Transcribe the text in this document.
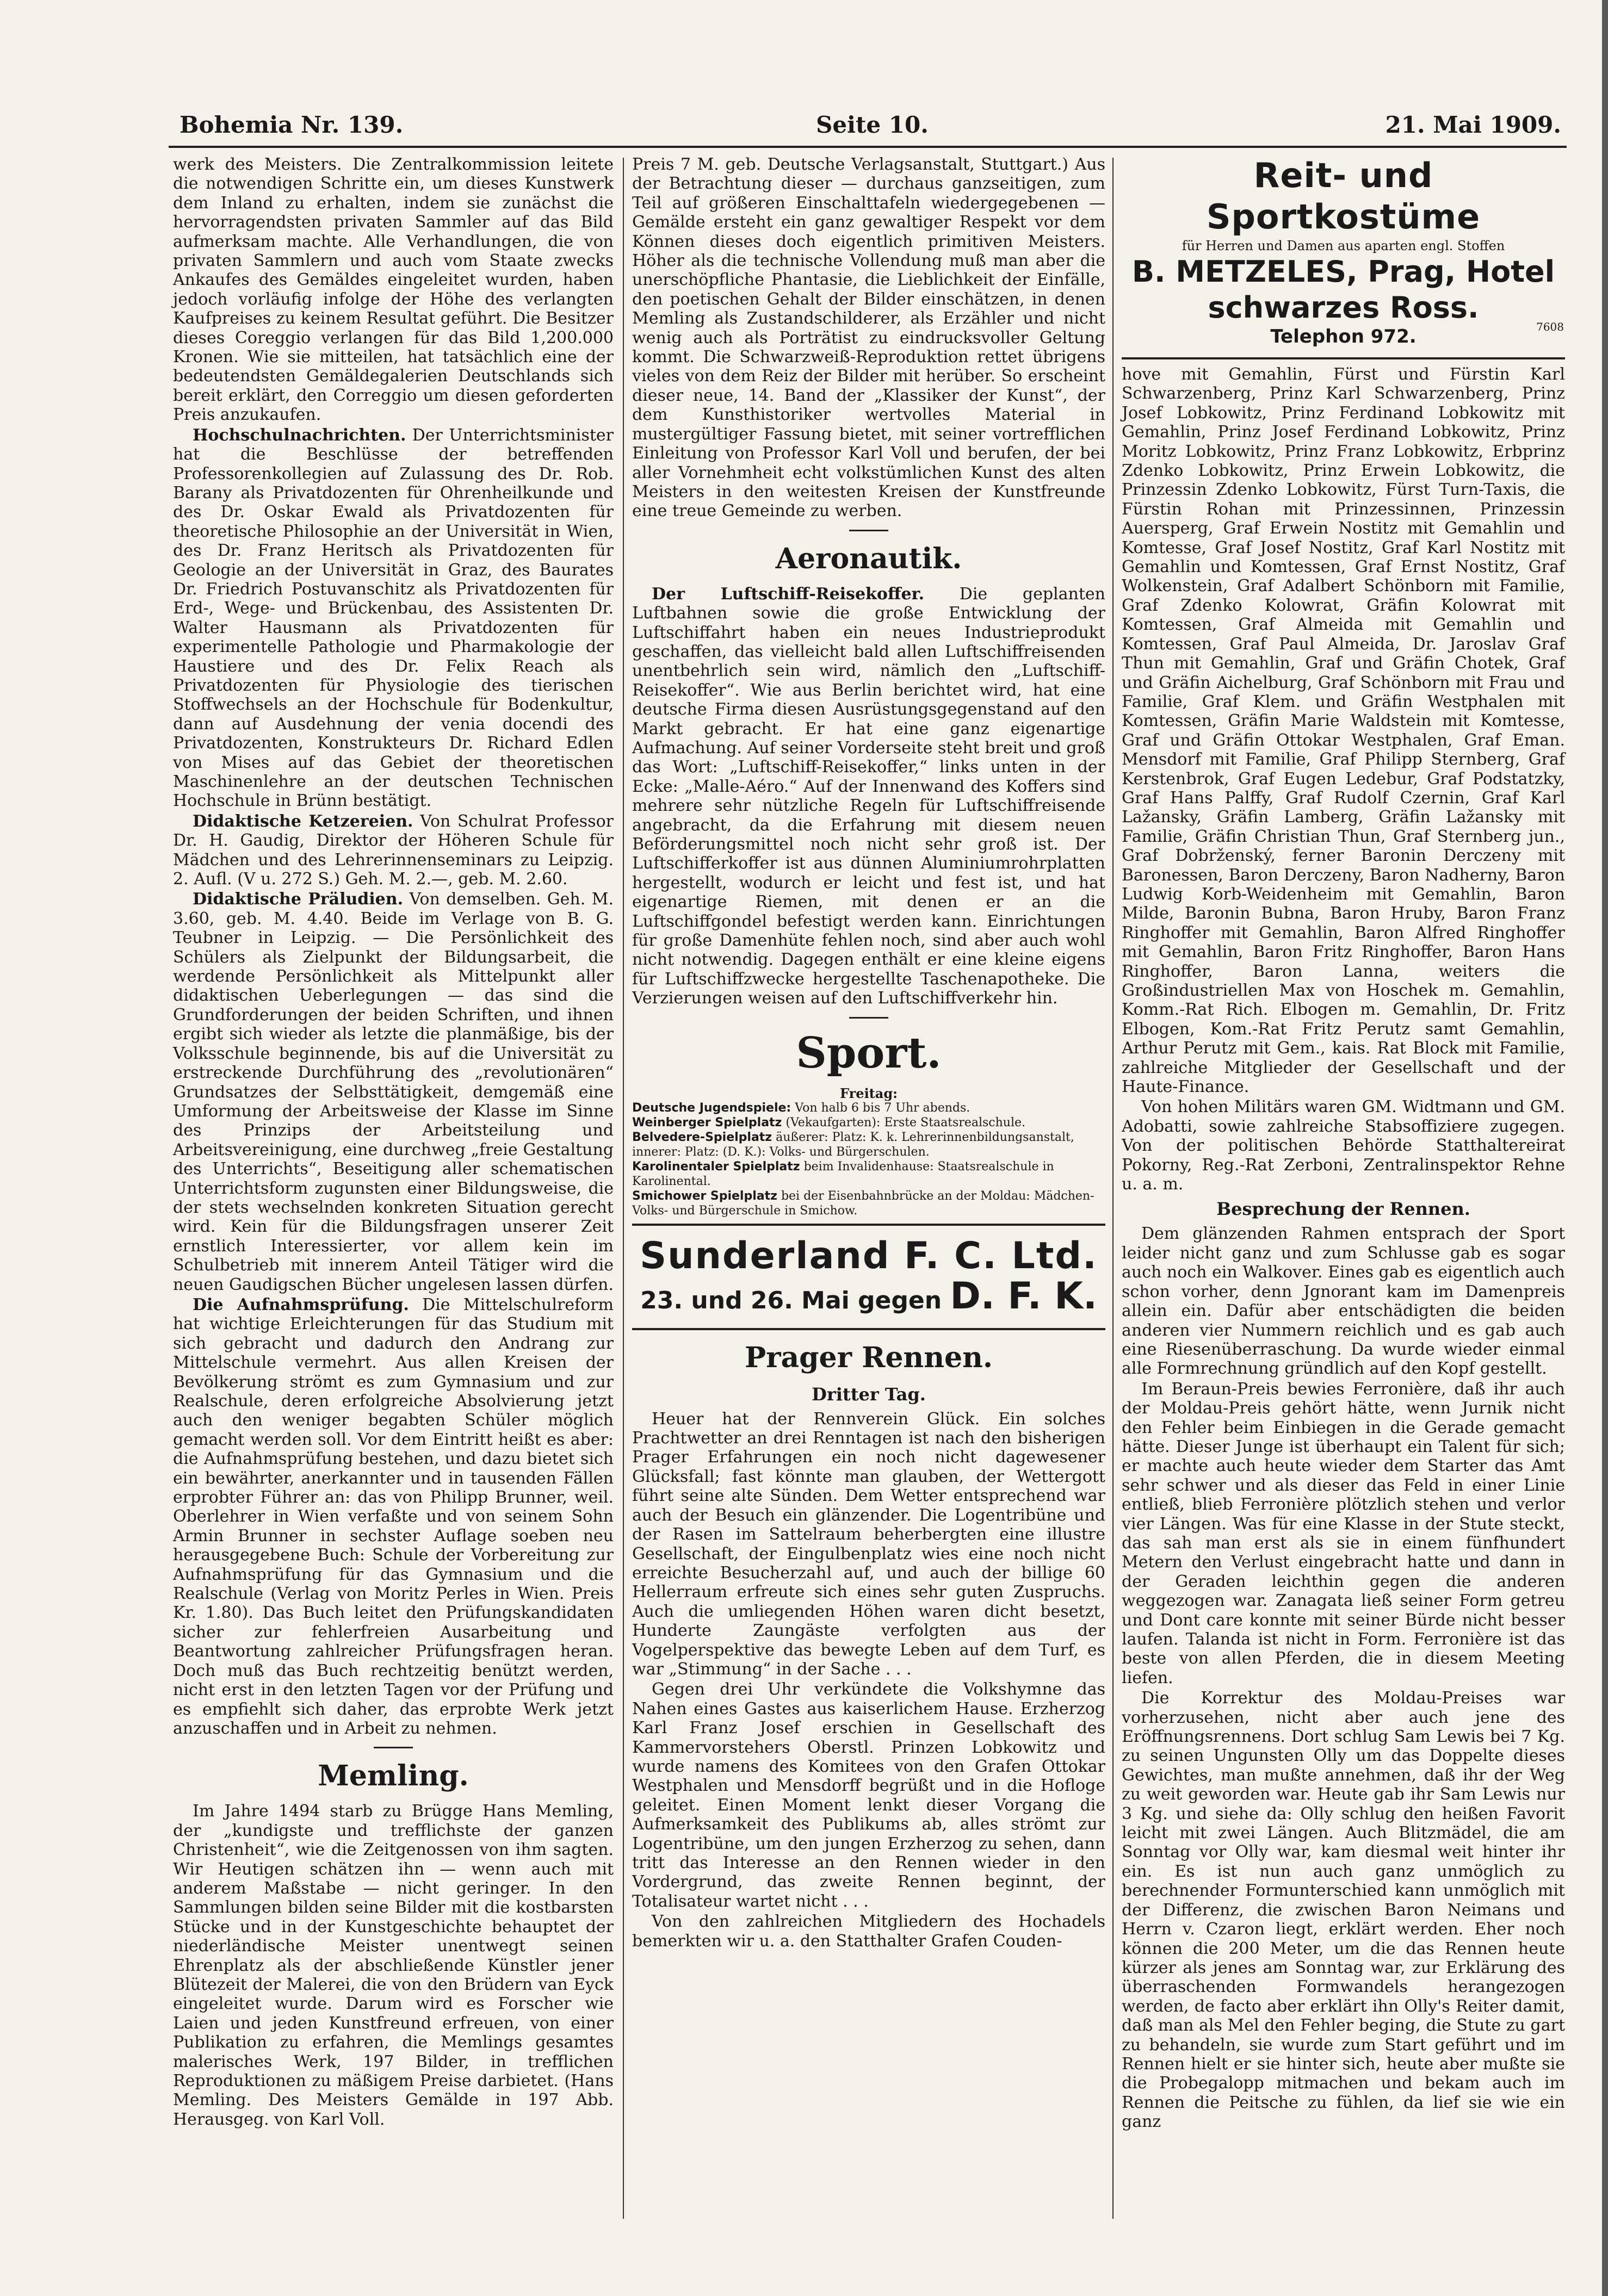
Bohemia Nr. 139.	Seite 10.	21. Mai 1909.

werk des Meisters. Die Zentralkommission leitete die notwendigen Schritte ein, um dieses Kunstwerk dem Inland zu erhalten, indem sie zunächst die hervorragendsten privaten Sammler auf das Bild aufmerksam machte. Alle Verhandlungen, die von privaten Sammlern und auch vom Staate zwecks Ankaufes des Gemäldes eingeleitet wurden, haben jedoch vorläufig infolge der Höhe des verlangten Kaufpreises zu keinem Resultat geführt. Die Besitzer dieses Coreggio verlangen für das Bild 1,200.000 Kronen. Wie sie mitteilen, hat tatsächlich eine der bedeutendsten Gemäldegalerien Deutschlands sich bereit erklärt, den Correggio um diesen geforderten Preis anzukaufen.

Hochschulnachrichten. Der Unterrichtsminister hat die Beschlüsse der betreffenden Professorenkollegien auf Zulassung des Dr. Rob. Barany als Privatdozenten für Ohrenheilkunde und des Dr. Oskar Ewald als Privatdozenten für theoretische Philosophie an der Universität in Wien, des Dr. Franz Heritsch als Privatdozenten für Geologie an der Universität in Graz, des Baurates Dr. Friedrich Postuvanschitz als Privatdozenten für Erd-, Wege- und Brückenbau, des Assistenten Dr. Walter Hausmann als Privatdozenten für experimentelle Pathologie und Pharmakologie der Haustiere und des Dr. Felix Reach als Privatdozenten für Physiologie des tierischen Stoffwechsels an der Hochschule für Bodenkultur, dann auf Ausdehnung der venia docendi des Privatdozenten, Konstrukteurs Dr. Richard Edlen von Mises auf das Gebiet der theoretischen Maschinenlehre an der deutschen Technischen Hochschule in Brünn bestätigt.

Didaktische Ketzereien. Von Schulrat Professor Dr. H. Gaudig, Direktor der Höheren Schule für Mädchen und des Lehrerinnenseminars zu Leipzig. 2. Aufl. (V u. 272 S.) Geh. M. 2.—, geb. M. 2.60.

Didaktische Präludien. Von demselben. Geh. M. 3.60, geb. M. 4.40. Beide im Verlage von B. G. Teubner in Leipzig. — Die Persönlichkeit des Schülers als Zielpunkt der Bildungsarbeit, die werdende Persönlichkeit als Mittelpunkt aller didaktischen Ueberlegungen — das sind die Grundforderungen der beiden Schriften, und ihnen ergibt sich wieder als letzte die planmäßige, bis der Volksschule beginnende, bis auf die Universität zu erstreckende Durchführung des „revolutionären“ Grundsatzes der Selbsttätigkeit, demgemäß eine Umformung der Arbeitsweise der Klasse im Sinne des Prinzips der Arbeitsteilung und Arbeitsvereinigung, eine durchweg „freie Gestaltung des Unterrichts“, Beseitigung aller schematischen Unterrichtsform zugunsten einer Bildungsweise, die der stets wechselnden konkreten Situation gerecht wird. Kein für die Bildungsfragen unserer Zeit ernstlich Interessierter, vor allem kein im Schulbetrieb mit innerem Anteil Tätiger wird die neuen Gaudigschen Bücher ungelesen lassen dürfen.

Die Aufnahmsprüfung. Die Mittelschulreform hat wichtige Erleichterungen für das Studium mit sich gebracht und dadurch den Andrang zur Mittelschule vermehrt. Aus allen Kreisen der Bevölkerung strömt es zum Gymnasium und zur Realschule, deren erfolgreiche Absolvierung jetzt auch den weniger begabten Schüler möglich gemacht werden soll. Vor dem Eintritt heißt es aber: die Aufnahmsprüfung bestehen, und dazu bietet sich ein bewährter, anerkannter und in tausenden Fällen erprobter Führer an: das von Philipp Brunner, weil. Oberlehrer in Wien verfaßte und von seinem Sohn Armin Brunner in sechster Auflage soeben neu herausgegebene Buch: Schule der Vorbereitung zur Aufnahmsprüfung für das Gymnasium und die Realschule (Verlag von Moritz Perles in Wien. Preis Kr. 1.80). Das Buch leitet den Prüfungskandidaten sicher zur fehlerfreien Ausarbeitung und Beantwortung zahlreicher Prüfungsfragen heran. Doch muß das Buch rechtzeitig benützt werden, nicht erst in den letzten Tagen vor der Prüfung und es empfiehlt sich daher, das erprobte Werk jetzt anzuschaffen und in Arbeit zu nehmen.

Memling.

Im Jahre 1494 starb zu Brügge Hans Memling, der „kundigste und trefflichste der ganzen Christenheit“, wie die Zeitgenossen von ihm sagten. Wir Heutigen schätzen ihn — wenn auch mit anderem Maßstabe — nicht geringer. In den Sammlungen bilden seine Bilder mit die kostbarsten Stücke und in der Kunstgeschichte behauptet der niederländische Meister unentwegt seinen Ehrenplatz als der abschließende Künstler jener Blütezeit der Malerei, die von den Brüdern van Eyck eingeleitet wurde. Darum wird es Forscher wie Laien und jeden Kunstfreund erfreuen, von einer Publikation zu erfahren, die Memlings gesamtes malerisches Werk, 197 Bilder, in trefflichen Reproduktionen zu mäßigem Preise darbietet. (Hans Memling. Des Meisters Gemälde in 197 Abb. Herausgeg. von Karl Voll.

Preis 7 M. geb. Deutsche Verlagsanstalt, Stuttgart.) Aus der Betrachtung dieser — durchaus ganzseitigen, zum Teil auf größeren Einschalttafeln wiedergegebenen — Gemälde ersteht ein ganz gewaltiger Respekt vor dem Können dieses doch eigentlich primitiven Meisters. Höher als die technische Vollendung muß man aber die unerschöpfliche Phantasie, die Lieblichkeit der Einfälle, den poetischen Gehalt der Bilder einschätzen, in denen Memling als Zustandschilderer, als Erzähler und nicht wenig auch als Porträtist zu eindrucksvoller Geltung kommt. Die Schwarzweiß-Reproduktion rettet übrigens vieles von dem Reiz der Bilder mit herüber. So erscheint dieser neue, 14. Band der „Klassiker der Kunst“, der dem Kunsthistoriker wertvolles Material in mustergültiger Fassung bietet, mit seiner vortrefflichen Einleitung von Professor Karl Voll und berufen, der bei aller Vornehmheit echt volkstümlichen Kunst des alten Meisters in den weitesten Kreisen der Kunstfreunde eine treue Gemeinde zu werben.

Aeronautik.

Der Luftschiff-Reisekoffer. Die geplanten Luftbahnen sowie die große Entwicklung der Luftschiffahrt haben ein neues Industrieprodukt geschaffen, das vielleicht bald allen Luftschiffreisenden unentbehrlich sein wird, nämlich den „Luftschiff-Reisekoffer“. Wie aus Berlin berichtet wird, hat eine deutsche Firma diesen Ausrüstungsgegenstand auf den Markt gebracht. Er hat eine ganz eigenartige Aufmachung. Auf seiner Vorderseite steht breit und groß das Wort: „Luftschiff-Reisekoffer,“ links unten in der Ecke: „Malle-Aéro.“ Auf der Innenwand des Koffers sind mehrere sehr nützliche Regeln für Luftschiffreisende angebracht, da die Erfahrung mit diesem neuen Beförderungsmittel noch nicht sehr groß ist. Der Luftschifferkoffer ist aus dünnen Aluminiumrohrplatten hergestellt, wodurch er leicht und fest ist, und hat eigenartige Riemen, mit denen er an die Luftschiffgondel befestigt werden kann. Einrichtungen für große Damenhüte fehlen noch, sind aber auch wohl nicht notwendig. Dagegen enthält er eine kleine eigens für Luftschiffzwecke hergestellte Taschenapotheke. Die Verzierungen weisen auf den Luftschiffverkehr hin.

Sport.
Freitag:
Deutsche Jugendspiele: Von halb 6 bis 7 Uhr abends.
Weinberger Spielplatz (Vekaufgarten): Erste Staatsrealschule.
Belvedere-Spielplatz äußerer: Platz: K. k. Lehrerinnenbildungsanstalt, innerer: Platz: (D. K.): Volks- und Bürgerschulen.
Karolinentaler Spielplatz beim Invalidenhause: Staatsrealschule in Karolinental.
Smichower Spielplatz bei der Eisenbahnbrücke an der Moldau: Mädchen-Volks- und Bürgerschule in Smichow.
Sunderland F. C. Ltd.
23. und 26. Mai gegen D. F. K.
Prager Rennen.
Dritter Tag.

Heuer hat der Rennverein Glück. Ein solches Prachtwetter an drei Renntagen ist nach den bisherigen Prager Erfahrungen ein noch nicht dagewesener Glücksfall; fast könnte man glauben, der Wettergott führt seine alte Sünden. Dem Wetter entsprechend war auch der Besuch ein glänzender. Die Logentribüne und der Rasen im Sattelraum beherbergten eine illustre Gesellschaft, der Eingulbenplatz wies eine noch nicht erreichte Besucherzahl auf, und auch der billige 60 Hellerraum erfreute sich eines sehr guten Zuspruchs. Auch die umliegenden Höhen waren dicht besetzt, Hunderte Zaungäste verfolgten aus der Vogelperspektive das bewegte Leben auf dem Turf, es war „Stimmung“ in der Sache . . .

Gegen drei Uhr verkündete die Volkshymne das Nahen eines Gastes aus kaiserlichem Hause. Erzherzog Karl Franz Josef erschien in Gesellschaft des Kammervorstehers Oberstl. Prinzen Lobkowitz und wurde namens des Komitees von den Grafen Ottokar Westphalen und Mensdorff begrüßt und in die Hofloge geleitet. Einen Moment lenkt dieser Vorgang die Aufmerksamkeit des Publikums ab, alles strömt zur Logentribüne, um den jungen Erzherzog zu sehen, dann tritt das Interesse an den Rennen wieder in den Vordergrund, das zweite Rennen beginnt, der Totalisateur wartet nicht . . .

Von den zahlreichen Mitgliedern des Hochadels bemerkten wir u. a. den Statthalter Grafen Couden-

Reit- und Sportkostüme
für Herren und Damen aus aparten engl. Stoffen
B. METZELES, Prag, Hotel schwarzes Ross.
Telephon 972.	7608

hove mit Gemahlin, Fürst und Fürstin Karl Schwarzenberg, Prinz Karl Schwarzenberg, Prinz Josef Lobkowitz, Prinz Ferdinand Lobkowitz mit Gemahlin, Prinz Josef Ferdinand Lobkowitz, Prinz Moritz Lobkowitz, Prinz Franz Lobkowitz, Erbprinz Zdenko Lobkowitz, Prinz Erwein Lobkowitz, die Prinzessin Zdenko Lobkowitz, Fürst Turn-Taxis, die Fürstin Rohan mit Prinzessinnen, Prinzessin Auersperg, Graf Erwein Nostitz mit Gemahlin und Komtesse, Graf Josef Nostitz, Graf Karl Nostitz mit Gemahlin und Komtessen, Graf Ernst Nostitz, Graf Wolkenstein, Graf Adalbert Schönborn mit Familie, Graf Zdenko Kolowrat, Gräfin Kolowrat mit Komtessen, Graf Almeida mit Gemahlin und Komtessen, Graf Paul Almeida, Dr. Jaroslav Graf Thun mit Gemahlin, Graf und Gräfin Chotek, Graf und Gräfin Aichelburg, Graf Schönborn mit Frau und Familie, Graf Klem. und Gräfin Westphalen mit Komtessen, Gräfin Marie Waldstein mit Komtesse, Graf und Gräfin Ottokar Westphalen, Graf Eman. Mensdorf mit Familie, Graf Philipp Sternberg, Graf Kerstenbrok, Graf Eugen Ledebur, Graf Podstatzky, Graf Hans Palffy, Graf Rudolf Czernin, Graf Karl Lažansky, Gräfin Lamberg, Gräfin Lažansky mit Familie, Gräfin Christian Thun, Graf Sternberg jun., Graf Dobrženský, ferner Baronin Derczeny mit Baronessen, Baron Derczeny, Baron Nadherny, Baron Ludwig Korb-Weidenheim mit Gemahlin, Baron Milde, Baronin Bubna, Baron Hruby, Baron Franz Ringhoffer mit Gemahlin, Baron Alfred Ringhoffer mit Gemahlin, Baron Fritz Ringhoffer, Baron Hans Ringhoffer, Baron Lanna, weiters die Großindustriellen Max von Hoschek m. Gemahlin, Komm.-Rat Rich. Elbogen m. Gemahlin, Dr. Fritz Elbogen, Kom.-Rat Fritz Perutz samt Gemahlin, Arthur Perutz mit Gem., kais. Rat Block mit Familie, zahlreiche Mitglieder der Gesellschaft und der Haute-Finance.

Von hohen Militärs waren GM. Widtmann und GM. Adobatti, sowie zahlreiche Stabsoffiziere zugegen. Von der politischen Behörde Statthaltereirat Pokorny, Reg.-Rat Zerboni, Zentralinspektor Rehne u. a. m.

Besprechung der Rennen.

Dem glänzenden Rahmen entsprach der Sport leider nicht ganz und zum Schlusse gab es sogar auch noch ein Walkover. Eines gab es eigentlich auch schon vorher, denn Jgnorant kam im Damenpreis allein ein. Dafür aber entschädigten die beiden anderen vier Nummern reichlich und es gab auch eine Riesenüberraschung. Da wurde wieder einmal alle Formrechnung gründlich auf den Kopf gestellt.

Im Beraun-Preis bewies Ferronière, daß ihr auch der Moldau-Preis gehört hätte, wenn Jurnik nicht den Fehler beim Einbiegen in die Gerade gemacht hätte. Dieser Junge ist überhaupt ein Talent für sich; er machte auch heute wieder dem Starter das Amt sehr schwer und als dieser das Feld in einer Linie entließ, blieb Ferronière plötzlich stehen und verlor vier Längen. Was für eine Klasse in der Stute steckt, das sah man erst als sie in einem fünfhundert Metern den Verlust eingebracht hatte und dann in der Geraden leichthin gegen die anderen weggezogen war. Zanagata ließ seiner Form getreu und Dont care konnte mit seiner Bürde nicht besser laufen. Talanda ist nicht in Form. Ferronière ist das beste von allen Pferden, die in diesem Meeting liefen.

Die Korrektur des Moldau-Preises war vorherzusehen, nicht aber auch jene des Eröffnungsrennens. Dort schlug Sam Lewis bei 7 Kg. zu seinen Ungunsten Olly um das Doppelte dieses Gewichtes, man mußte annehmen, daß ihr der Weg zu weit geworden war. Heute gab ihr Sam Lewis nur 3 Kg. und siehe da: Olly schlug den heißen Favorit leicht mit zwei Längen. Auch Blitzmädel, die am Sonntag vor Olly war, kam diesmal weit hinter ihr ein. Es ist nun auch ganz unmöglich zu berechnender Formunterschied kann unmöglich mit der Differenz, die zwischen Baron Neimans und Herrn v. Czaron liegt, erklärt werden. Eher noch können die 200 Meter, um die das Rennen heute kürzer als jenes am Sonntag war, zur Erklärung des überraschenden Formwandels herangezogen werden, de facto aber erklärt ihn Olly's Reiter damit, daß man als Mel den Fehler beging, die Stute zu gart zu behandeln, sie wurde zum Start geführt und im Rennen hielt er sie hinter sich, heute aber mußte sie die Probegalopp mitmachen und bekam auch im Rennen die Peitsche zu fühlen, da lief sie wie ein ganz
